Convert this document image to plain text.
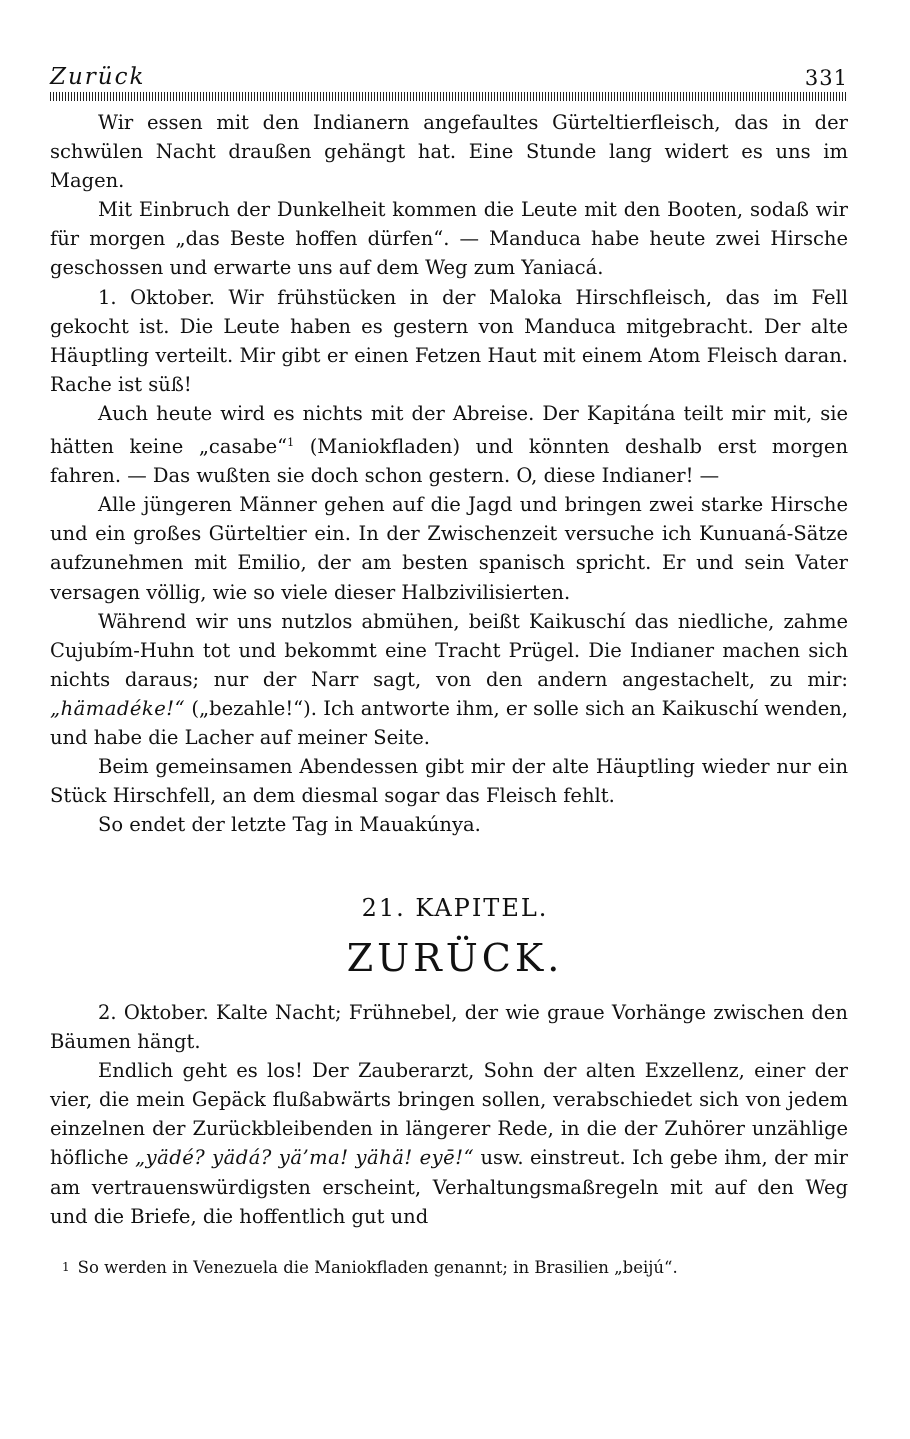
Zurück	331

Wir essen mit den Indianern angefaultes Gürteltierfleisch, das in der schwülen Nacht draußen gehängt hat. Eine Stunde lang widert es uns im Magen.

Mit Einbruch der Dunkelheit kommen die Leute mit den Booten, sodaß wir für morgen „das Beste hoffen dürfen“. — Manduca habe heute zwei Hirsche geschossen und erwarte uns auf dem Weg zum Yaniacá.

1. Oktober. Wir frühstücken in der Maloka Hirschfleisch, das im Fell gekocht ist. Die Leute haben es gestern von Manduca mitgebracht. Der alte Häuptling verteilt. Mir gibt er einen Fetzen Haut mit einem Atom Fleisch daran. Rache ist süß!

Auch heute wird es nichts mit der Abreise. Der Kapitána teilt mir mit, sie hätten keine „casabe“$^1$ (Maniokfladen) und könnten deshalb erst morgen fahren. — Das wußten sie doch schon gestern. O, diese Indianer! —

Alle jüngeren Männer gehen auf die Jagd und bringen zwei starke Hirsche und ein großes Gürteltier ein. In der Zwischenzeit versuche ich Kunuaná-Sätze aufzunehmen mit Emilio, der am besten spanisch spricht. Er und sein Vater versagen völlig, wie so viele dieser Halbzivilisierten.

Während wir uns nutzlos abmühen, beißt Kaikuschí das niedliche, zahme Cujubím-Huhn tot und bekommt eine Tracht Prügel. Die Indianer machen sich nichts daraus; nur der Narr sagt, von den andern angestachelt, zu mir: „hämadéke!“ („bezahle!“). Ich antworte ihm, er solle sich an Kaikuschí wenden, und habe die Lacher auf meiner Seite.

Beim gemeinsamen Abendessen gibt mir der alte Häuptling wieder nur ein Stück Hirschfell, an dem diesmal sogar das Fleisch fehlt.

So endet der letzte Tag in Mauakúnya.

21. KAPITEL.
ZURÜCK.

2. Oktober. Kalte Nacht; Frühnebel, der wie graue Vorhänge zwischen den Bäumen hängt.

Endlich geht es los! Der Zauberarzt, Sohn der alten Exzellenz, einer der vier, die mein Gepäck flußabwärts bringen sollen, verabschiedet sich von jedem einzelnen der Zurückbleibenden in längerer Rede, in die der Zuhörer unzählige höfliche „yädé? yädá? yä’ma! yähä! eyē!“ usw. einstreut. Ich gebe ihm, der mir am vertrauenswürdigsten erscheint, Verhaltungsmaßregeln mit auf den Weg und die Briefe, die hoffentlich gut und

1 So werden in Venezuela die Maniokfladen genannt; in Brasilien „beijú“.
